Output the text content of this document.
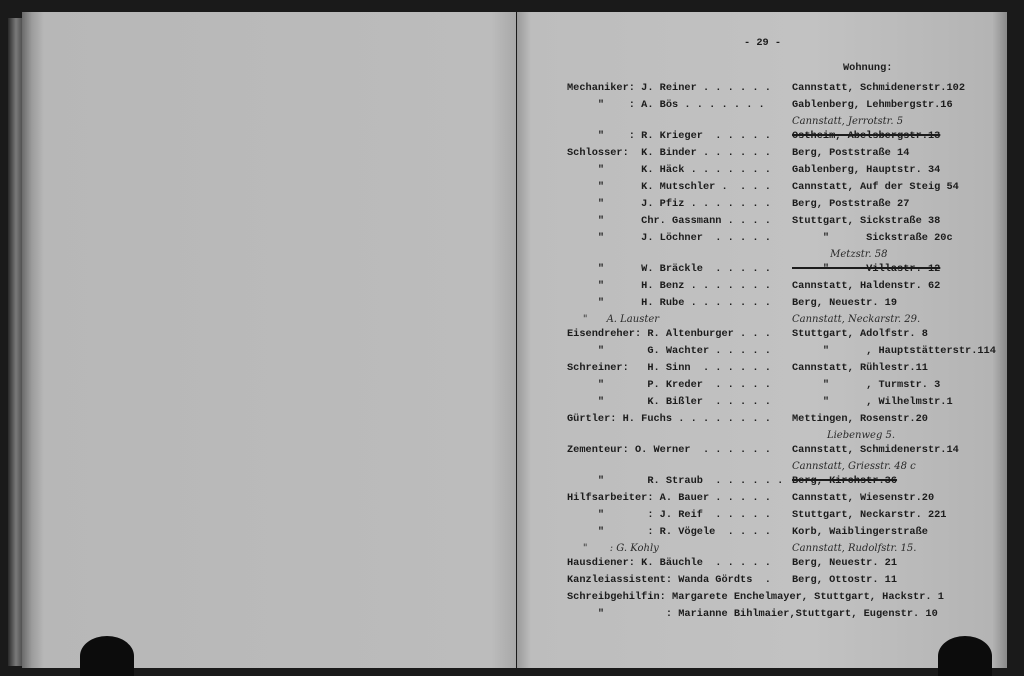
- 29 -
Wohnung:
Mechaniker: J. Reiner . . . . . . Cannstatt, Schmidenerstr.102
"    : A. Bös . . . . . . .	Gablenberg, Lehmbergstr.16
Cannstatt, Jerrotstr. 5
"    : R. Krieger  . . . . . Ostheim, Abelsbergstr.13
Schlosser:  K. Binder . . . . . . Berg, Poststraße 14
"      K. Häck . . . . . . . Gablenberg, Hauptstr. 34
"      K. Mutschler .  . . . Cannstatt, Auf der Steig 54
"      J. Pfiz . . . . . . . Berg, Poststraße 27
"      Chr. Gassmann . . . . Stuttgart, Sickstraße 38
"      J. Löchner  . . . . . "      Sickstraße 20c
Metzstr. 58
"      W. Bräckle  . . . . . "      Villastr. 12
"      H. Benz . . . . . . . Cannstatt, Haldenstr. 62
"      H. Rube . . . . . . . Berg, Neuestr. 19
"      A. Lauster	Cannstatt, Neckarstr. 29.
Eisendreher: R. Altenburger . . . Stuttgart, Adolfstr. 8
"       G. Wachter . . . . . "      , Hauptstätterstr.114
Schreiner:   H. Sinn  . . . . . . Cannstatt, Rühlestr.11
"       P. Kreder  . . . . . "      , Turmstr. 3
"       K. Bißler  . . . . . "      , Wilhelmstr.1
Gürtler: H. Fuchs . . . . . . . . Mettingen, Rosenstr.20
Liebenweg 5.
Zementeur: O. Werner  . . . . . . Cannstatt, Schmidenerstr.14
Cannstatt, Griesstr. 48 c
"       R. Straub  . . . . . . Berg, Kirchstr.36
Hilfsarbeiter: A. Bauer . . . . . Cannstatt, Wiesenstr.20
"       : J. Reif  . . . . . Stuttgart, Neckarstr. 221
"       : R. Vögele  . . . . Korb, Waiblingerstraße
"       : G. Kohly	Cannstatt, Rudolfstr. 15.
Hausdiener: K. Bäuchle  . . . . . Berg, Neuestr. 21
Kanzleiassistent: Wanda Gördts  . Berg, Ottostr. 11
Schreibgehilfin: Margarete Enchelmayer, Stuttgart, Hackstr. 1
"          : Marianne Bihlmaier,Stuttgart, Eugenstr. 10
